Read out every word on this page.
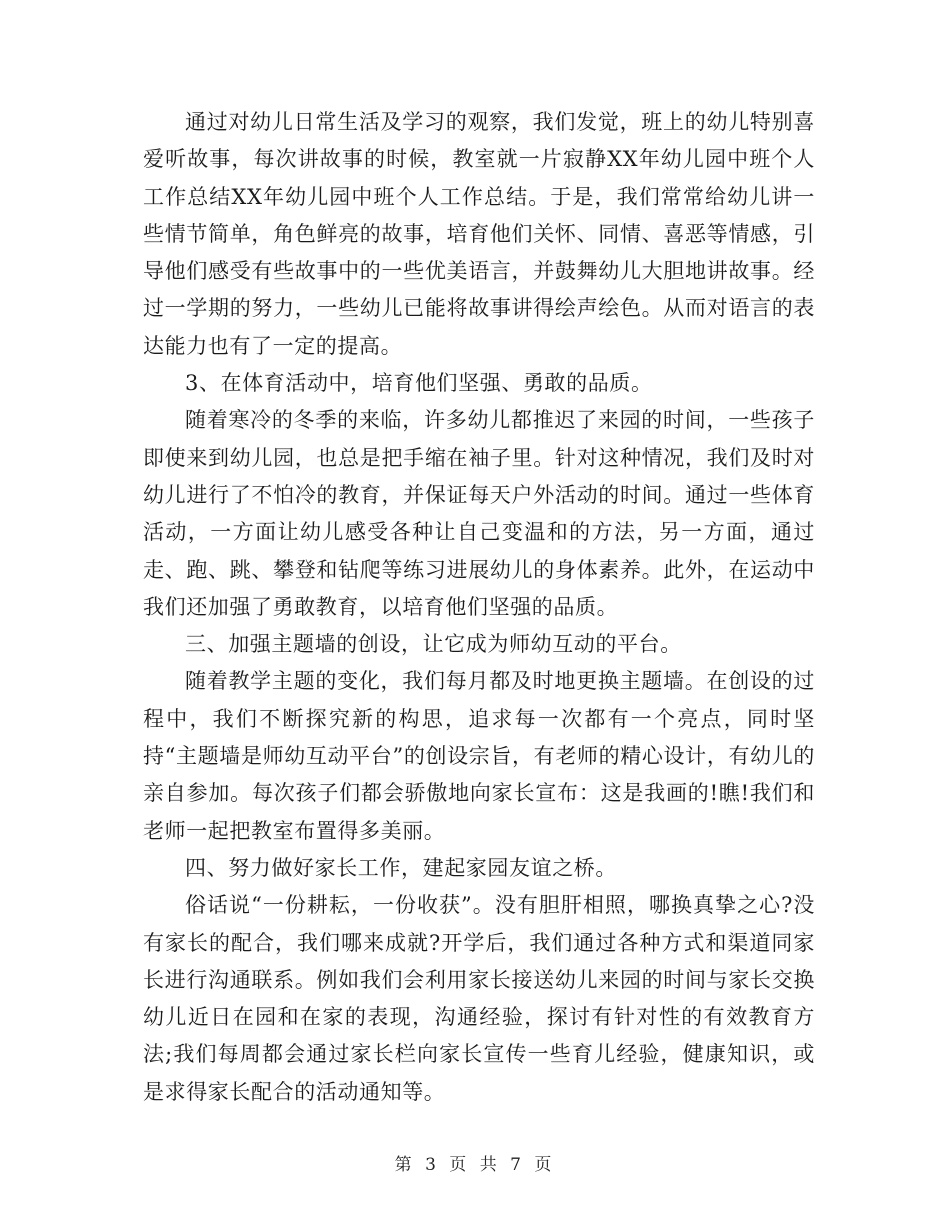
通过对幼儿日常生活及学习的观察，我们发觉，班上的幼儿特别喜爱听故事，每次讲故事的时候，教室就一片寂静XX年幼儿园中班个人工作总结XX年幼儿园中班个人工作总结。于是，我们常常给幼儿讲一些情节简单，角色鲜亮的故事，培育他们关怀、同情、喜恶等情感，引导他们感受有些故事中的一些优美语言，并鼓舞幼儿大胆地讲故事。经过一学期的努力，一些幼儿已能将故事讲得绘声绘色。从而对语言的表达能力也有了一定的提高。

3、在体育活动中，培育他们坚强、勇敢的品质。

随着寒冷的冬季的来临，许多幼儿都推迟了来园的时间，一些孩子即使来到幼儿园，也总是把手缩在袖子里。针对这种情况，我们及时对幼儿进行了不怕冷的教育，并保证每天户外活动的时间。通过一些体育活动，一方面让幼儿感受各种让自己变温和的方法，另一方面，通过走、跑、跳、攀登和钻爬等练习进展幼儿的身体素养。此外，在运动中我们还加强了勇敢教育，以培育他们坚强的品质。

三、加强主题墙的创设，让它成为师幼互动的平台。

随着教学主题的变化，我们每月都及时地更换主题墙。在创设的过程中，我们不断探究新的构思，追求每一次都有一个亮点，同时坚持“主题墙是师幼互动平台”的创设宗旨，有老师的精心设计，有幼儿的亲自参加。每次孩子们都会骄傲地向家长宣布：这是我画的!瞧!我们和老师一起把教室布置得多美丽。

四、努力做好家长工作，建起家园友谊之桥。

俗话说“一份耕耘，一份收获”。没有胆肝相照，哪换真挚之心?没有家长的配合，我们哪来成就?开学后，我们通过各种方式和渠道同家长进行沟通联系。例如我们会利用家长接送幼儿来园的时间与家长交换幼儿近日在园和在家的表现，沟通经验，探讨有针对性的有效教育方法;我们每周都会通过家长栏向家长宣传一些育儿经验，健康知识，或是求得家长配合的活动通知等。

第 3 页 共 7 页
